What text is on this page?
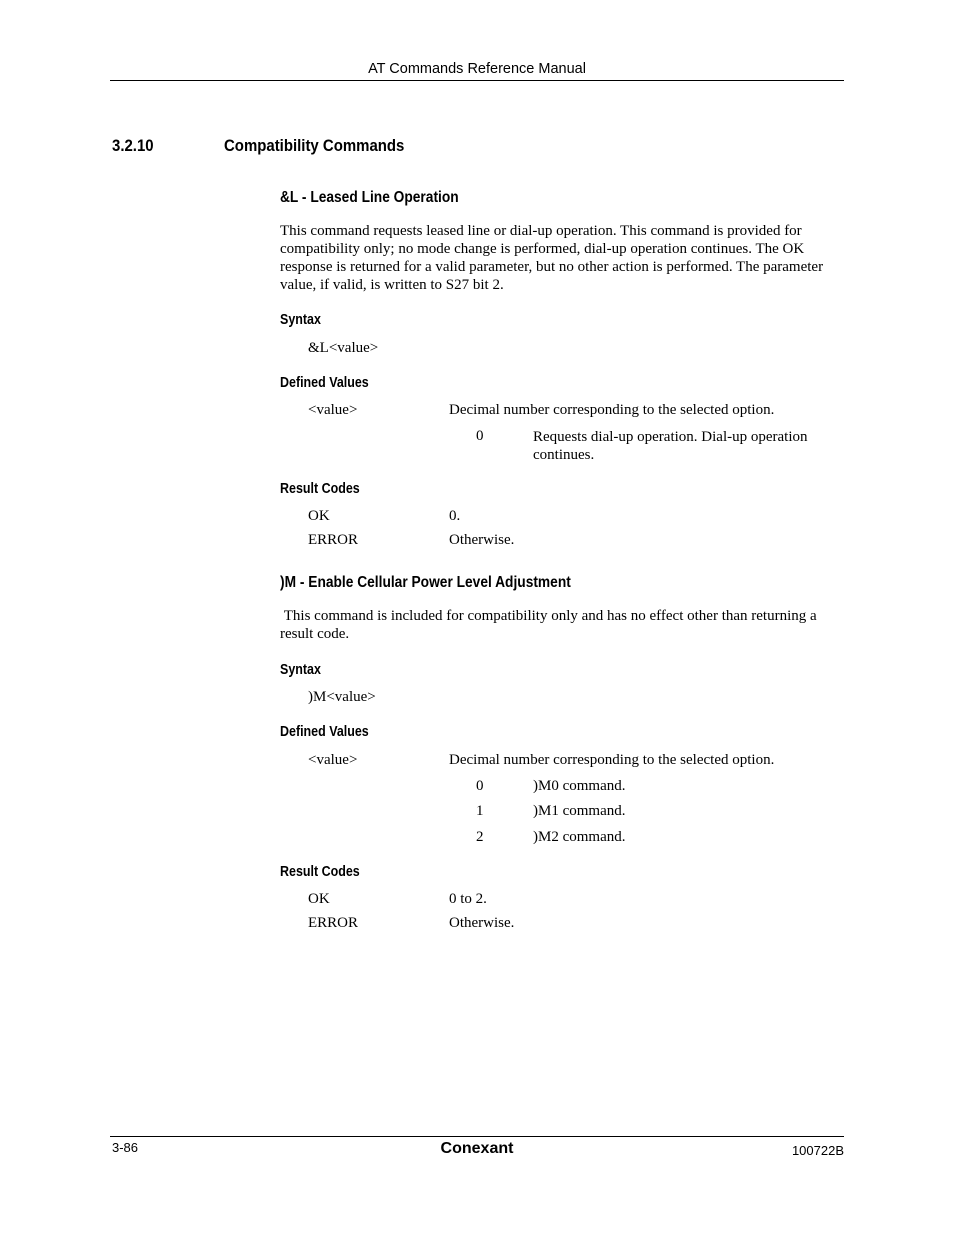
AT Commands Reference Manual
3.2.10	Compatibility Commands
&L - Leased Line Operation
This command requests leased line or dial-up operation. This command is provided for compatibility only; no mode change is performed, dial-up operation continues. The OK response is returned for a valid parameter, but no other action is performed. The parameter value, if valid, is written to S27 bit 2.
Syntax
&L<value>
Defined Values
<value>	Decimal number corresponding to the selected option.
0	Requests dial-up operation. Dial-up operation continues.
Result Codes
OK	0.
ERROR	Otherwise.
)M - Enable Cellular Power Level Adjustment
This command is included for compatibility only and has no effect other than returning a result code.
Syntax
)M<value>
Defined Values
<value>	Decimal number corresponding to the selected option.
0	)M0 command.
1	)M1 command.
2	)M2 command.
Result Codes
OK	0 to 2.
ERROR	Otherwise.
3-86	Conexant	100722B
